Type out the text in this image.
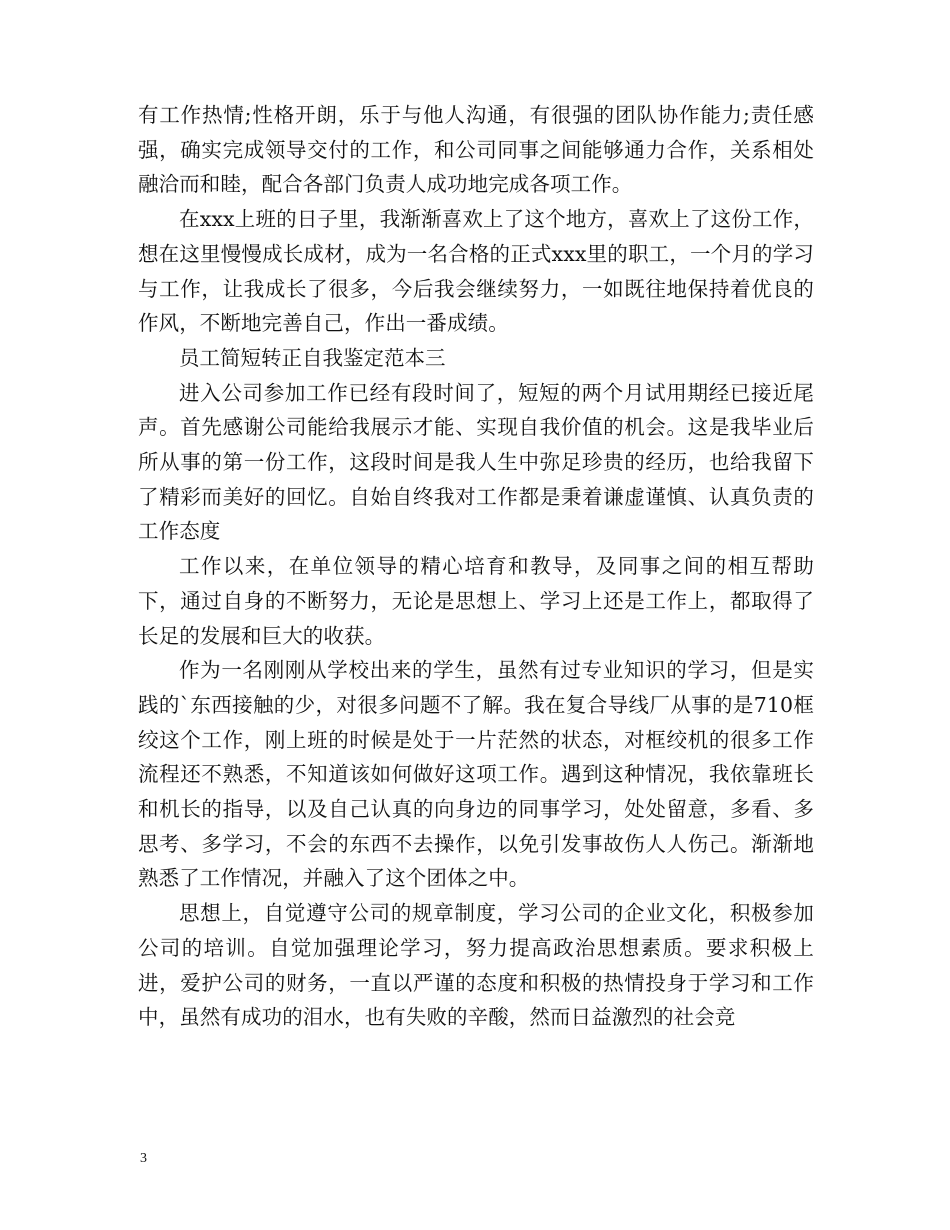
有工作热情;性格开朗，乐于与他人沟通，有很强的团队协作能力;责任感强，确实完成领导交付的工作，和公司同事之间能够通力合作，关系相处融洽而和睦，配合各部门负责人成功地完成各项工作。

在xxx上班的日子里，我渐渐喜欢上了这个地方，喜欢上了这份工作，想在这里慢慢成长成材，成为一名合格的正式xxx里的职工，一个月的学习与工作，让我成长了很多，今后我会继续努力，一如既往地保持着优良的作风，不断地完善自己，作出一番成绩。

员工简短转正自我鉴定范本三

进入公司参加工作已经有段时间了，短短的两个月试用期经已接近尾声。首先感谢公司能给我展示才能、实现自我价值的机会。这是我毕业后所从事的第一份工作，这段时间是我人生中弥足珍贵的经历，也给我留下了精彩而美好的回忆。自始自终我对工作都是秉着谦虚谨慎、认真负责的工作态度

工作以来，在单位领导的精心培育和教导，及同事之间的相互帮助下，通过自身的不断努力，无论是思想上、学习上还是工作上，都取得了长足的发展和巨大的收获。

作为一名刚刚从学校出来的学生，虽然有过专业知识的学习，但是实践的`东西接触的少，对很多问题不了解。我在复合导线厂从事的是710框绞这个工作，刚上班的时候是处于一片茫然的状态，对框绞机的很多工作流程还不熟悉，不知道该如何做好这项工作。遇到这种情况，我依靠班长和机长的指导，以及自己认真的向身边的同事学习，处处留意，多看、多思考、多学习，不会的东西不去操作，以免引发事故伤人人伤己。渐渐地熟悉了工作情况，并融入了这个团体之中。

思想上，自觉遵守公司的规章制度，学习公司的企业文化，积极参加公司的培训。自觉加强理论学习，努力提高政治思想素质。要求积极上进，爱护公司的财务，一直以严谨的态度和积极的热情投身于学习和工作中，虽然有成功的泪水，也有失败的辛酸，然而日益激烈的社会竞

3
